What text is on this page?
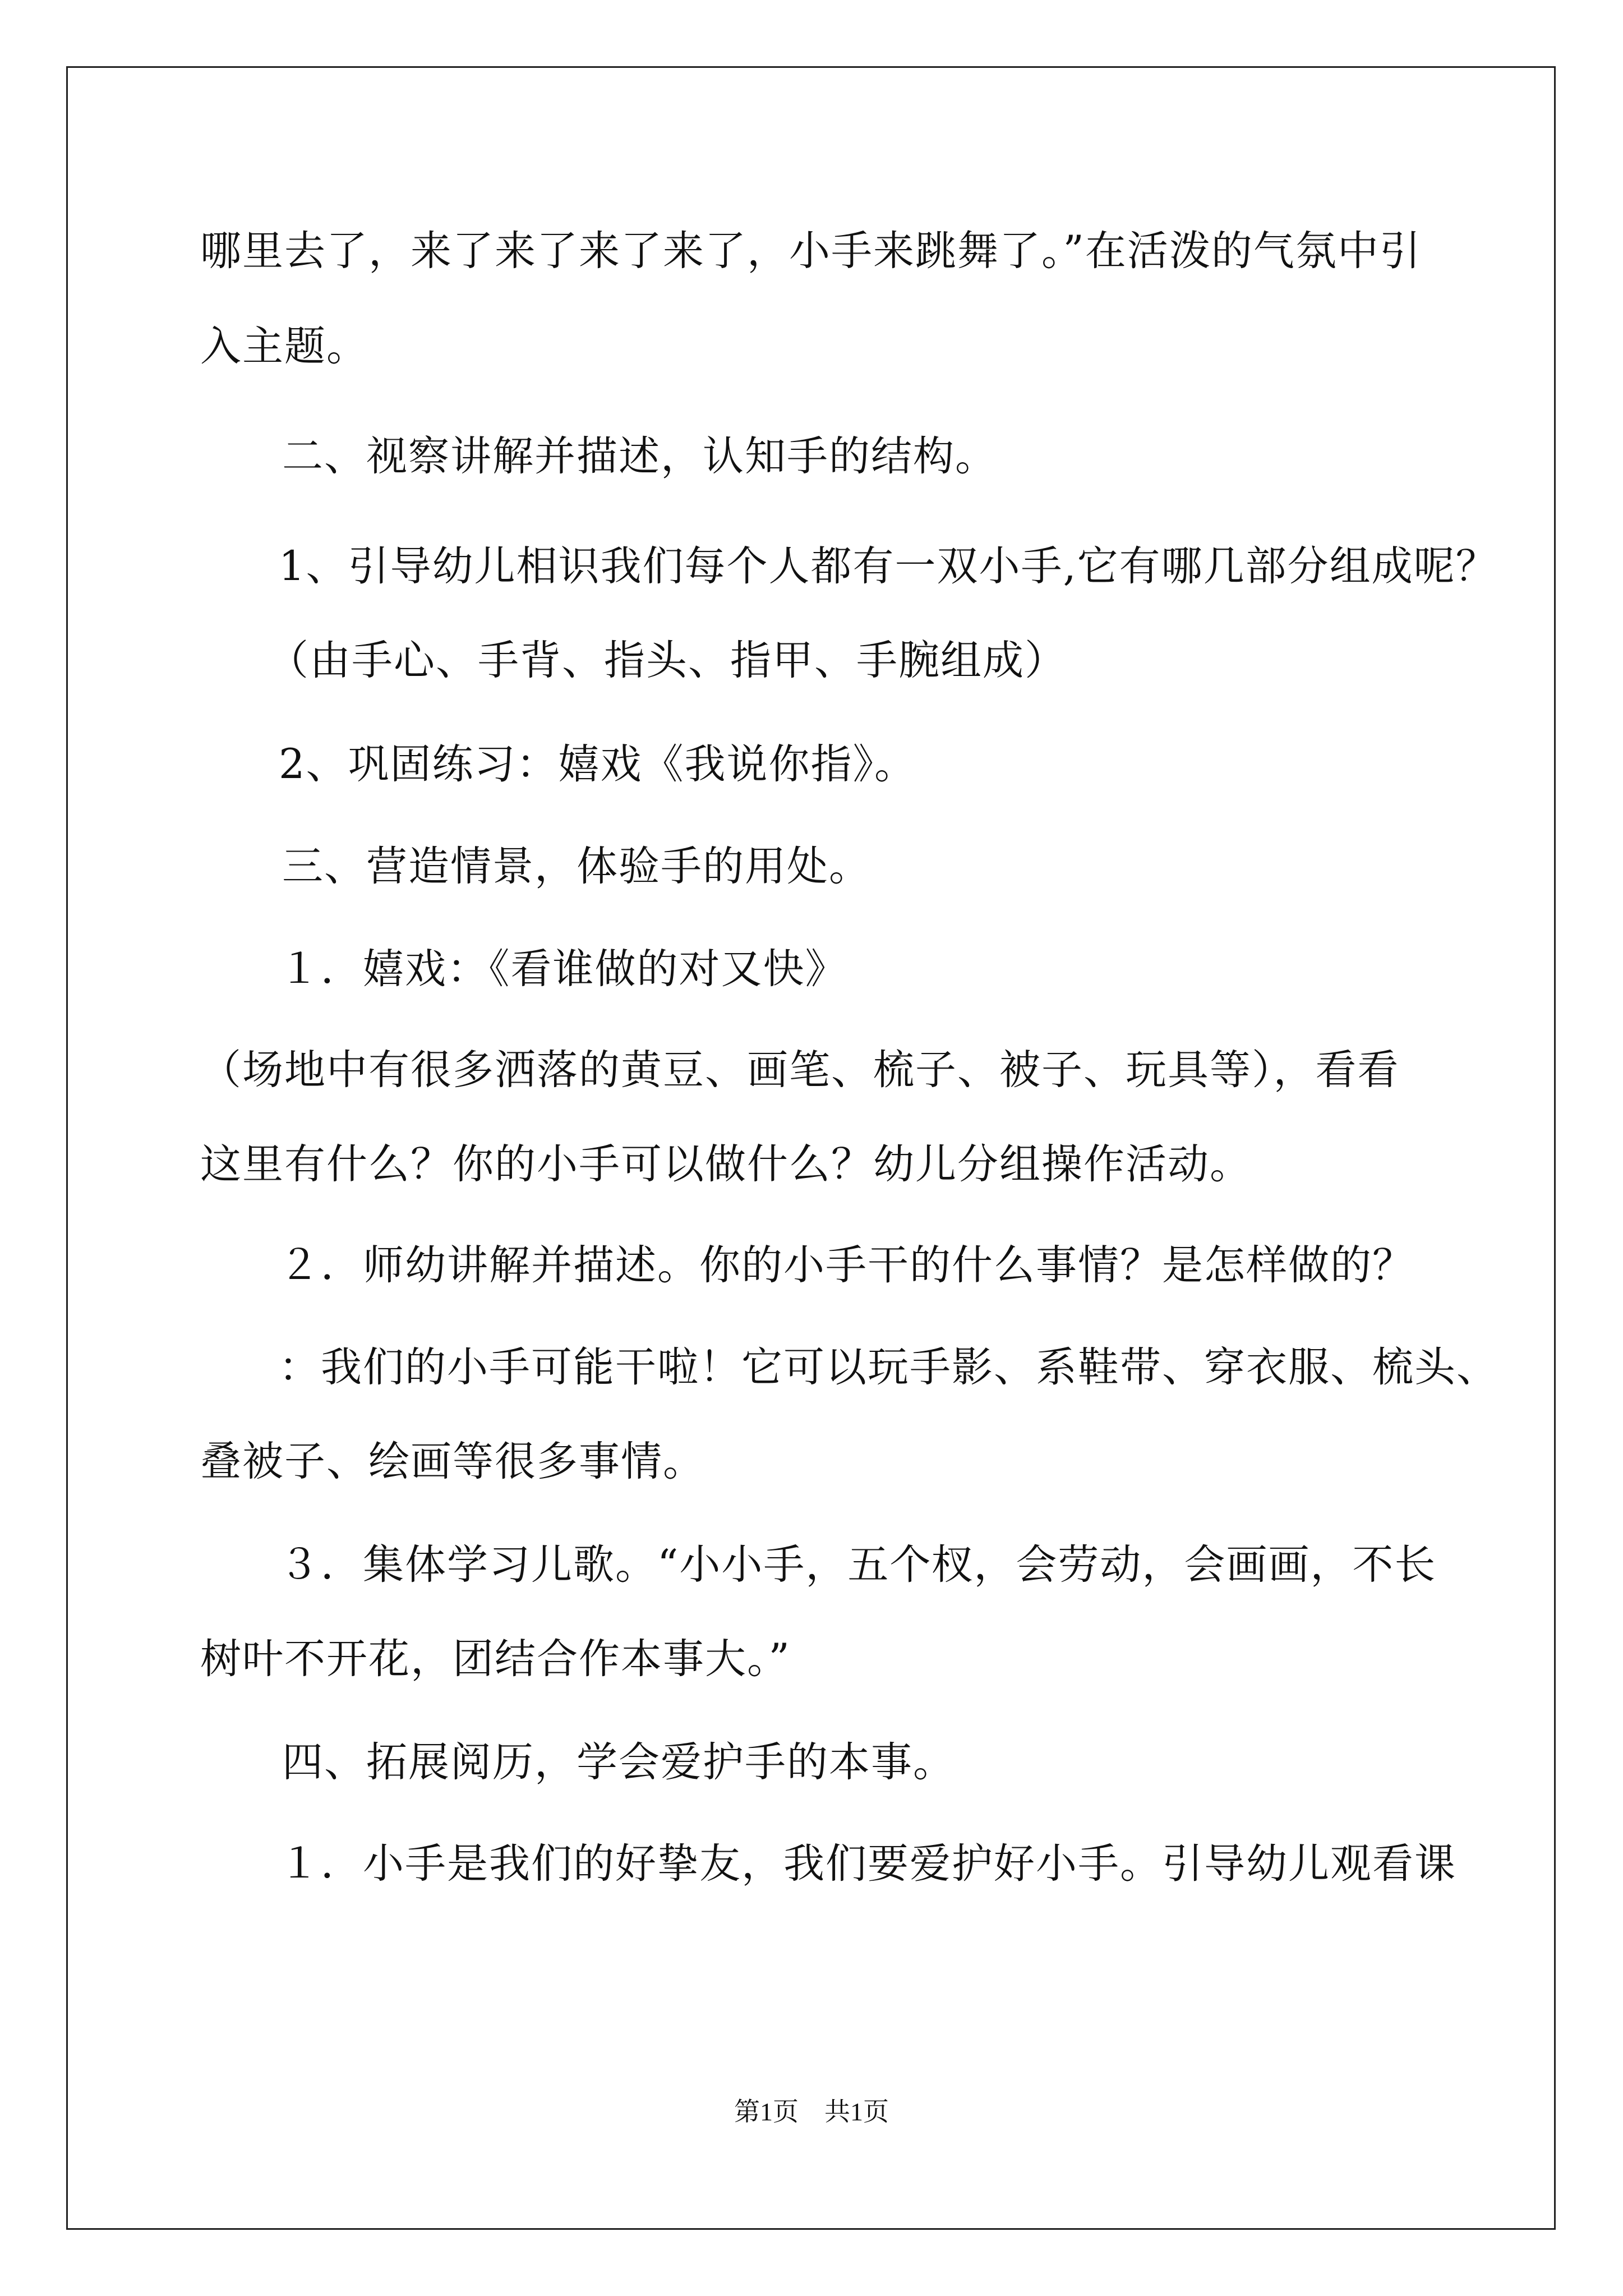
哪里去了，来了来了来了来了，小手来跳舞了。”在活泼的气氛中引
入主题。
二、视察讲解并描述，认知手的结构。
1、引导幼儿相识我们每个人都有一双小手,它有哪几部分组成呢？
（由手心、手背、指头、指甲、手腕组成）
2、巩固练习：嬉戏《我说你指》。
三、营造情景，体验手的用处。
１．嬉戏：《看谁做的对又快》
（场地中有很多洒落的黄豆、画笔、梳子、被子、玩具等），看看
这里有什么？你的小手可以做什么？幼儿分组操作活动。
２．师幼讲解并描述。你的小手干的什么事情？是怎样做的？
：我们的小手可能干啦！它可以玩手影、系鞋带、穿衣服、梳头、
叠被子、绘画等很多事情。
３．集体学习儿歌。“小小手，五个杈，会劳动，会画画，不长
树叶不开花，团结合作本事大。”
四、拓展阅历，学会爱护手的本事。
１．小手是我们的好挚友，我们要爱护好小手。引导幼儿观看课
第1页 共1页
